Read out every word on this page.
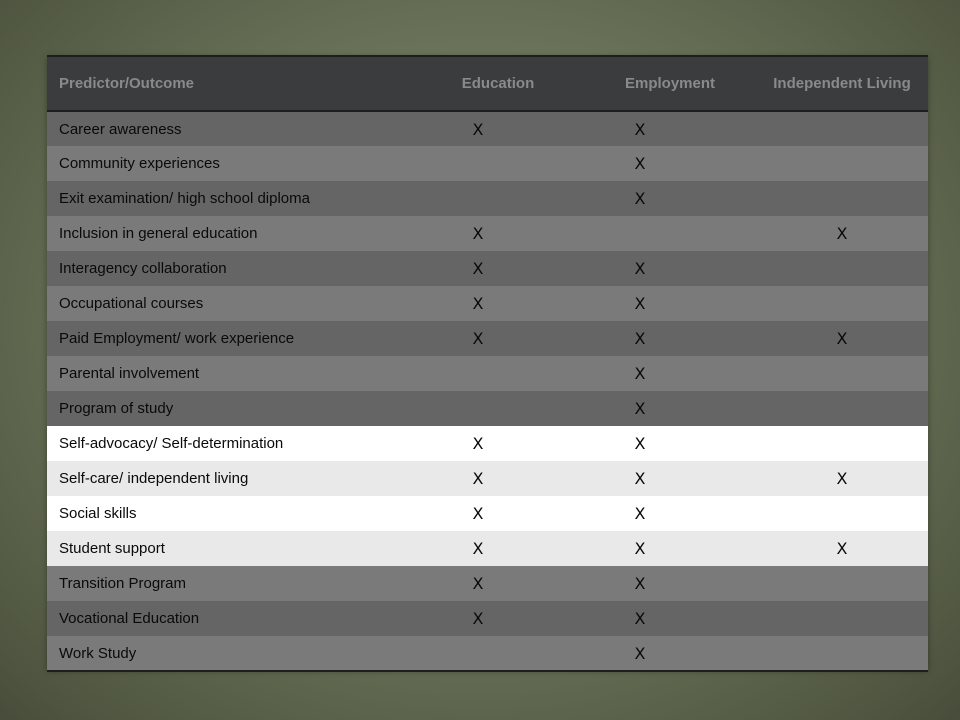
Predictor/Outcome	Education	Employment	Independent Living
Career awareness	X	X	
Community experiences		X	
Exit examination/ high school diploma		X	
Inclusion in general education	X		X
Interagency collaboration	X	X	
Occupational courses	X	X	
Paid Employment/ work experience	X	X	X
Parental involvement		X	
Program of study		X	
Self-advocacy/ Self-determination	X	X	
Self-care/ independent living	X	X	X
Social skills	X	X	
Student support	X	X	X
Transition Program	X	X	
Vocational Education	X	X	
Work Study		X	
